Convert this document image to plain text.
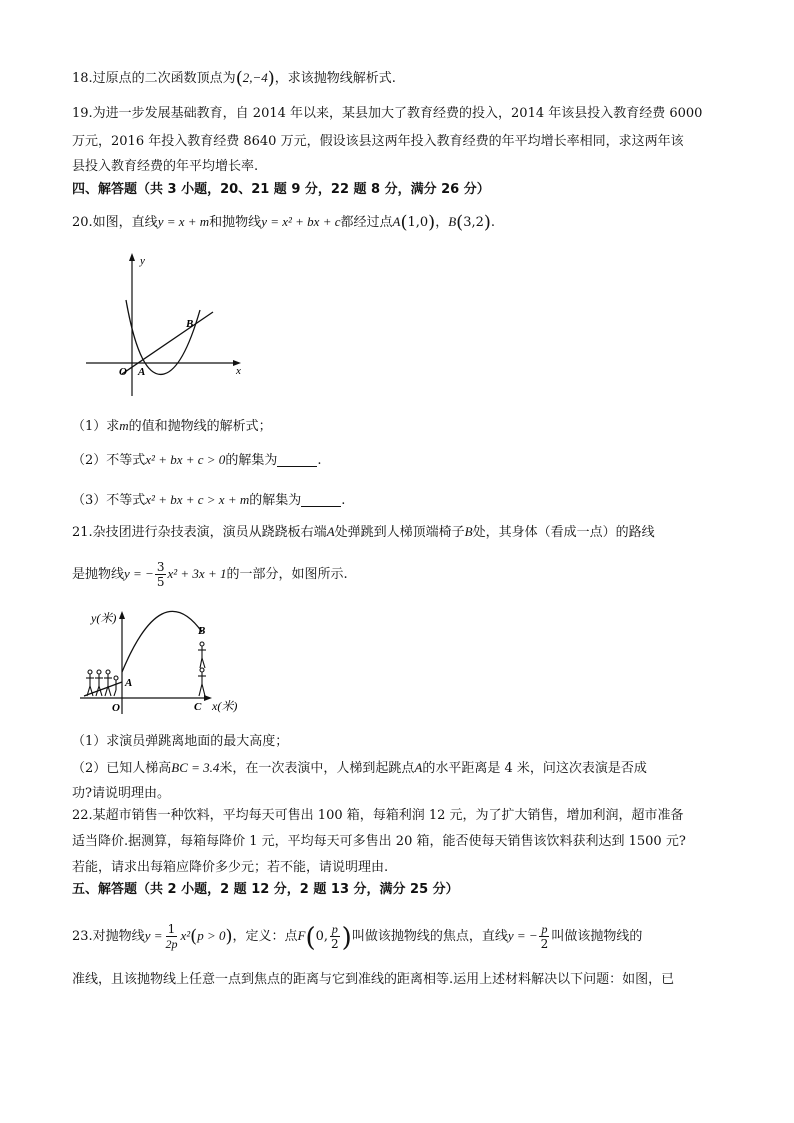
18.过原点的二次函数顶点为(2,−4)，求该抛物线解析式.
19.为进一步发展基础教育，自 2014 年以来，某县加大了教育经费的投入，2014 年该县投入教育经费 6000
万元，2016 年投入教育经费 8640 万元，假设该县这两年投入教育经费的年平均增长率相同，求这两年该
县投入教育经费的年平均增长率.
四、解答题（共 3 小题，20、21 题 9 分，22 题 8 分，满分 26 分）
20.如图，直线y = x + m和抛物线y = x² + bx + c都经过点A(1,0)，B(3,2).
y
x
O A
B
（1）求m的值和抛物线的解析式；
（2）不等式x² + bx + c > 0的解集为	.
（3）不等式x² + bx + c > x + m的解集为	.
21.杂技团进行杂技表演，演员从跷跷板右端A处弹跳到人梯顶端椅子B处，其身体（看成一点）的路线
是抛物线y = − $\frac{3}{5} x^2 + 3x + 1$的一部分，如图所示.
y(米)
x(米)
O
A
B
C
（1）求演员弹跳离地面的最大高度；
（2）已知人梯高BC = 3.4米，在一次表演中，人梯到起跳点A的水平距离是 4 米，问这次表演是否成
功?请说明理由。
22.某超市销售一种饮料，平均每天可售出 100 箱，每箱利润 12 元，为了扩大销售，增加利润，超市准备
适当降价.据测算，每箱每降价 1 元，平均每天可多售出 20 箱，能否使每天销售该饮料获利达到 1500 元?
若能，请求出每箱应降价多少元；若不能，请说明理由.
五、解答题（共 2 小题，2 题 12 分，2 题 13 分，满分 25 分）
23.对抛物线$y = \frac{1}{2p} x^2(p > 0)$，定义：点F(0, $\frac{p}{2}$ )叫做该抛物线的焦点，直线y = − $\frac{p}{2}$ 叫做该抛物线的
准线，且该抛物线上任意一点到焦点的距离与它到准线的距离相等.运用上述材料解决以下问题：如图，已
